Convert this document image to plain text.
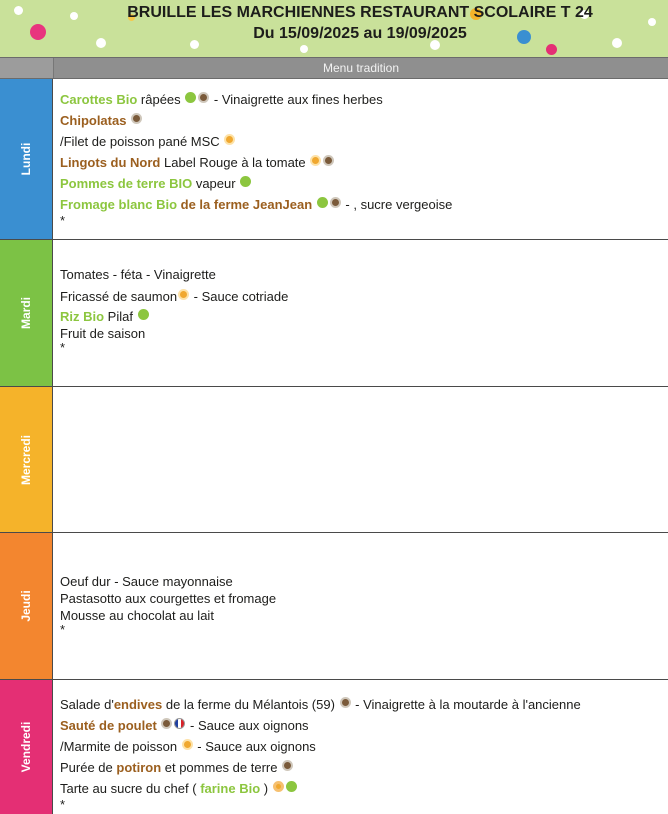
BRUILLE LES MARCHIENNES RESTAURANT SCOLAIRE T 24
Du 15/09/2025 au 19/09/2025
Menu tradition
Lundi
Carottes Bio râpées  - Vinaigrette aux fines herbes
Chipolatas
/Filet de poisson pané MSC
Lingots du Nord Label Rouge à la tomate
Pommes de terre BIO vapeur
Fromage blanc Bio de la ferme JeanJean  - , sucre vergeoise
*
Mardi
Tomates - féta - Vinaigrette
Fricassé de saumon - Sauce cotriade
Riz Bio Pilaf
Fruit de saison
*
Mercredi
Jeudi
Oeuf dur - Sauce mayonnaise
Pastasotto aux courgettes et fromage
Mousse au chocolat au lait
*
Vendredi
Salade d'endives de la ferme du Mélantois (59)  - Vinaigrette à la moutarde à l'ancienne
Sauté de poulet  - Sauce aux oignons
/Marmite de poisson  - Sauce aux oignons
Purée de potiron et pommes de terre
Tarte au sucre du chef ( farine Bio )
*
